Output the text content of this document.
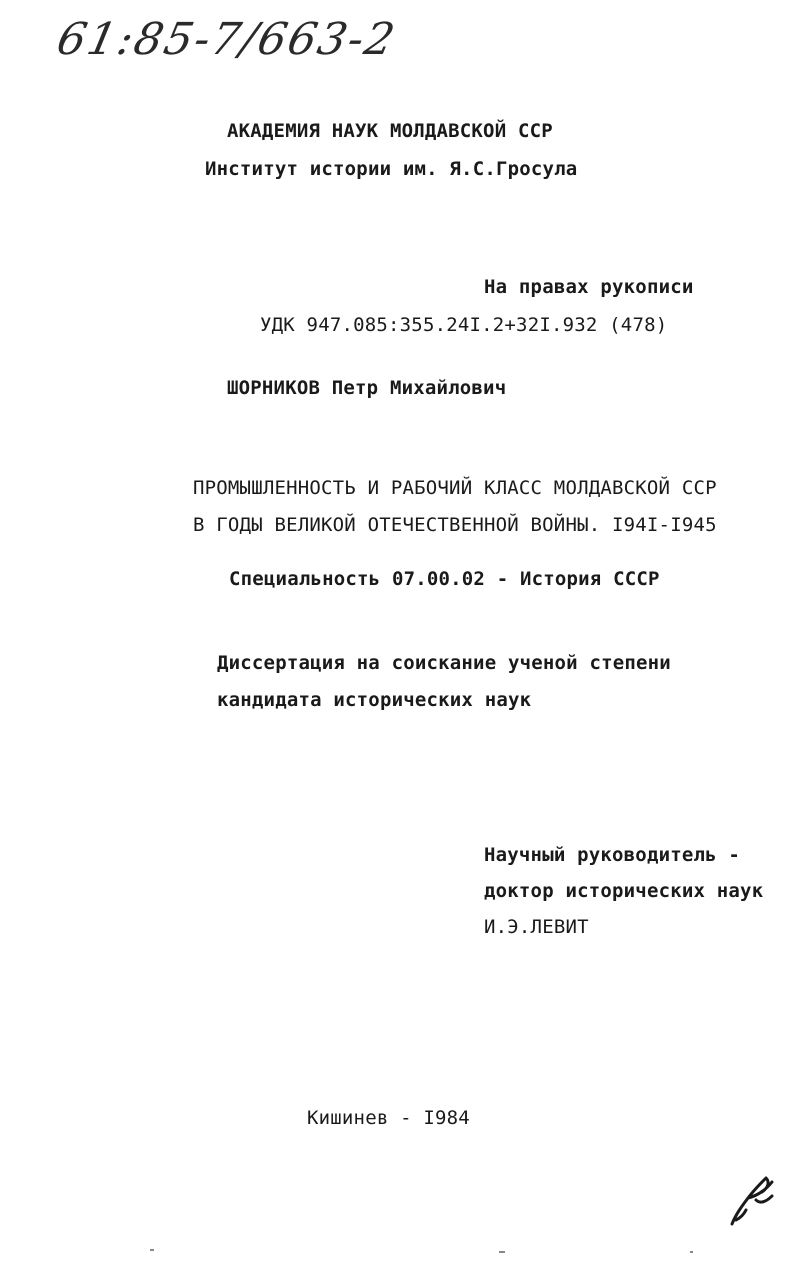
61:85-7/663-2
АКАДЕМИЯ НАУК МОЛДАВСКОЙ ССР
Институт истории им. Я.С.Гросула
На правах рукописи
УДК 947.085:355.24I.2+32I.932 (478)
ШОРНИКОВ Петр Михайлович
ПРОМЫШЛЕННОСТЬ И РАБОЧИЙ КЛАСС МОЛДАВСКОЙ ССР
В ГОДЫ ВЕЛИКОЙ ОТЕЧЕСТВЕННОЙ ВОЙНЫ. I94I-I945
Специальность 07.00.02 - История СССР
Диссертация на соискание ученой степени
кандидата исторических наук
Научный руководитель -
доктор исторических наук
И.Э.ЛЕВИТ
Кишинев - I984
